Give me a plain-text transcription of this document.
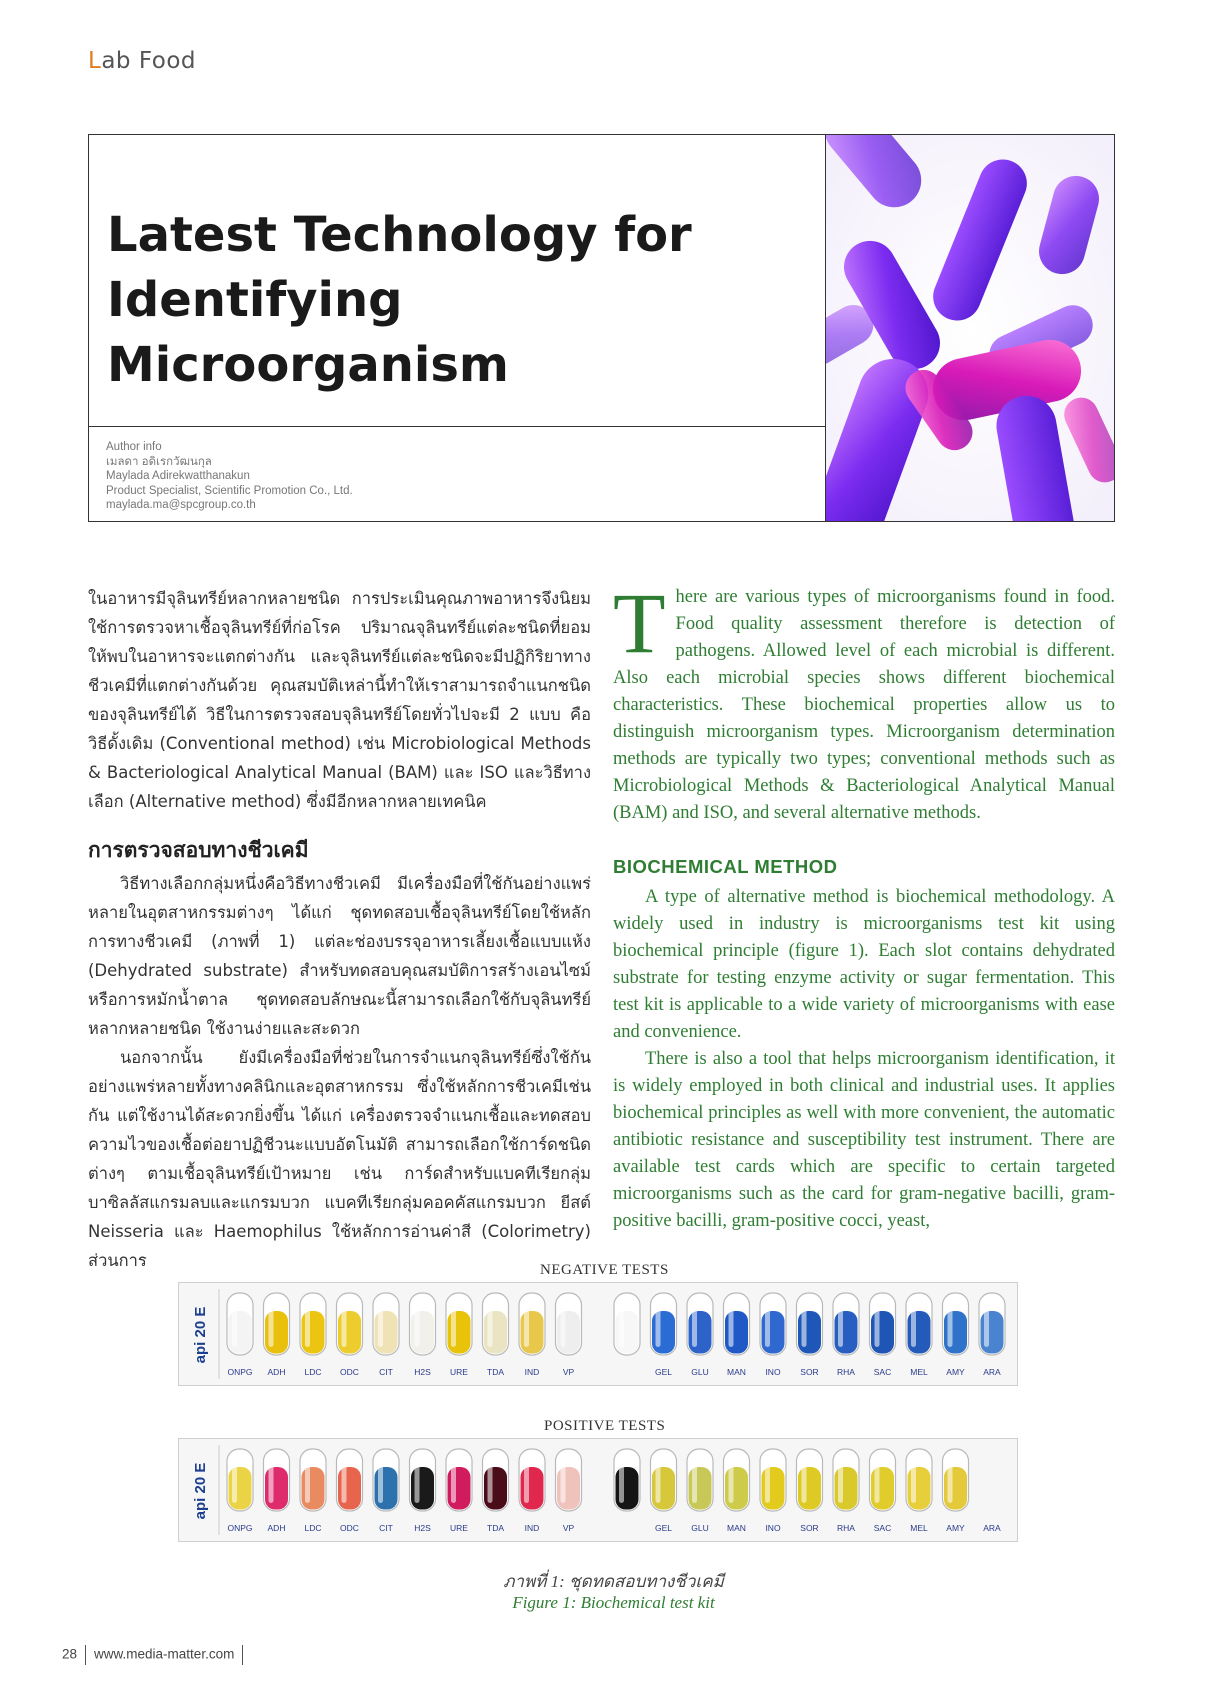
Lab Food
Latest Technology for
Identifying Microorganism
Author info
เมลดา อดิเรกวัฒนกุล
Maylada Adirekwatthanakun
Product Specialist, Scientific Promotion Co., Ltd.
maylada.ma@spcgroup.co.th

ในอาหารมีจุลินทรีย์หลากหลายชนิด การประเมินคุณภาพอาหารจึงนิยมใช้การตรวจหาเชื้อจุลินทรีย์ที่ก่อโรค ปริมาณจุลินทรีย์แต่ละชนิดที่ยอมให้พบในอาหารจะแตกต่างกัน และจุลินทรีย์แต่ละชนิดจะมีปฏิกิริยาทางชีวเคมีที่แตกต่างกันด้วย คุณสมบัติเหล่านี้ทำให้เราสามารถจำแนกชนิดของจุลินทรีย์ได้ วิธีในการตรวจสอบจุลินทรีย์โดยทั่วไปจะมี 2 แบบ คือ วิธีดั้งเดิม (Conventional method) เช่น Microbiological Methods & Bacteriological Analytical Manual (BAM) และ ISO และวิธีทางเลือก (Alternative method) ซึ่งมีอีกหลากหลายเทคนิค

การตรวจสอบทางชีวเคมี

วิธีทางเลือกกลุ่มหนึ่งคือวิธีทางชีวเคมี มีเครื่องมือที่ใช้กันอย่างแพร่หลายในอุตสาหกรรมต่างๆ ได้แก่ ชุดทดสอบเชื้อจุลินทรีย์โดยใช้หลักการทางชีวเคมี (ภาพที่ 1) แต่ละช่องบรรจุอาหารเลี้ยงเชื้อแบบแห้ง (Dehydrated substrate) สำหรับทดสอบคุณสมบัติการสร้างเอนไซม์หรือการหมักน้ำตาล ชุดทดสอบลักษณะนี้สามารถเลือกใช้กับจุลินทรีย์หลากหลายชนิด ใช้งานง่ายและสะดวก

นอกจากนั้น ยังมีเครื่องมือที่ช่วยในการจำแนกจุลินทรีย์ซึ่งใช้กันอย่างแพร่หลายทั้งทางคลินิกและอุตสาหกรรม ซึ่งใช้หลักการชีวเคมีเช่นกัน แต่ใช้งานได้สะดวกยิ่งขึ้น ได้แก่ เครื่องตรวจจำแนกเชื้อและทดสอบความไวของเชื้อต่อยาปฏิชีวนะแบบอัตโนมัติ สามารถเลือกใช้การ์ดชนิดต่างๆ ตามเชื้อจุลินทรีย์เป้าหมาย เช่น การ์ดสำหรับแบคทีเรียกลุ่มบาซิลลัสแกรมลบและแกรมบวก แบคทีเรียกลุ่มคอคคัสแกรมบวก ยีสต์ Neisseria และ Haemophilus ใช้หลักการอ่านค่าสี (Colorimetry) ส่วนการ

There are various types of microorganisms found in food. Food quality assessment therefore is detection of pathogens. Allowed level of each microbial is different. Also each microbial species shows different biochemical characteristics. These biochemical properties allow us to distinguish microorganism types. Microorganism determination methods are typically two types; conventional methods such as Microbiological Methods & Bacteriological Analytical Manual (BAM) and ISO, and several alternative methods.

BIOCHEMICAL METHOD

A type of alternative method is biochemical methodology. A widely used in industry is microorganisms test kit using biochemical principle (figure 1). Each slot contains dehydrated substrate for testing enzyme activity or sugar fermentation. This test kit is applicable to a wide variety of microorganisms with ease and convenience.

There is also a tool that helps microorganism identification, it is widely employed in both clinical and industrial uses. It applies biochemical principles as well with more convenient, the automatic antibiotic resistance and susceptibility test instrument. There are available test cards which are specific to certain targeted microorganisms such as the card for gram-negative bacilli, gram-positive bacilli, gram-positive cocci, yeast,

NEGATIVE TESTS
api 20 E
ONPG ADH LDC ODC CIT	H2S URE TDA IND	VP	GEL GLU MAN INO SOR RHA SAC MEL AMY ARA
POSITIVE TESTS
api 20 E
ONPG ADH LDC ODC CIT	H2S URE TDA IND	VP	GEL GLU MAN INO SOR RHA SAC MEL AMY ARA
ภาพที่ 1: ชุดทดสอบทางชีวเคมี
Figure 1: Biochemical test kit
28 www.media-matter.com
